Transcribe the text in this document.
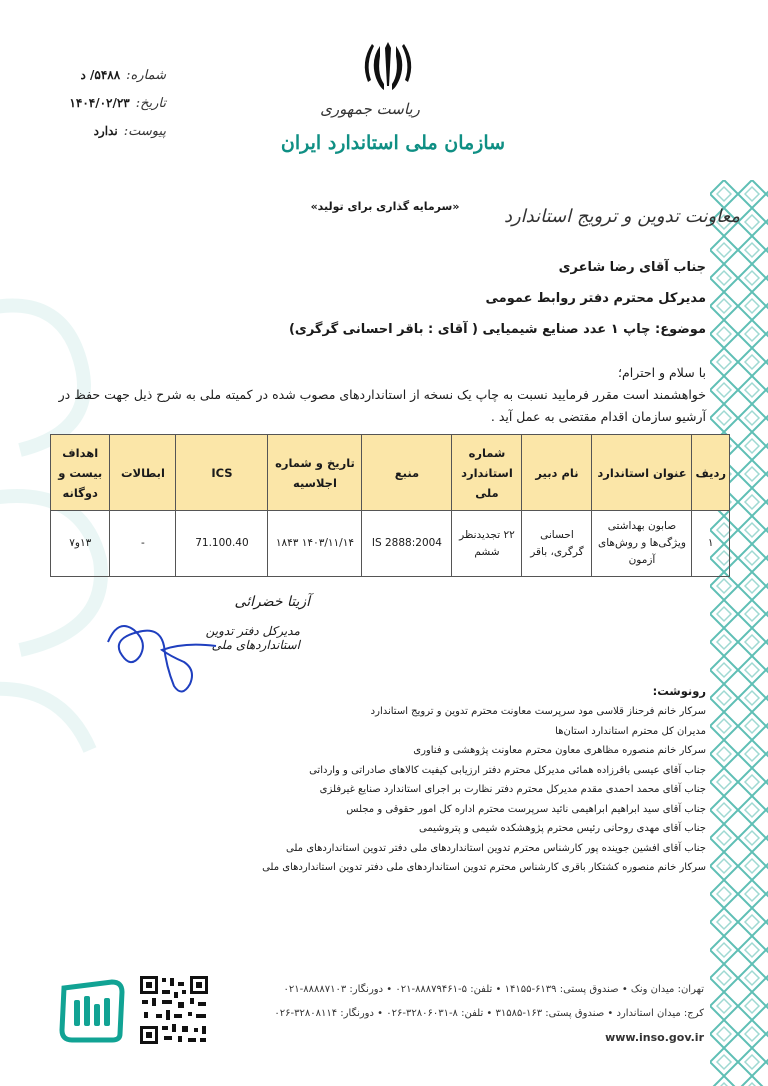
شماره:
۵۴۸۸/ د
تاریخ:
۱۴۰۴/۰۲/۲۳
پیوست:
ندارد
ریاست جمهوری
سازمان ملی استاندارد ایران
«سرمایه گذاری برای تولید» معاونت تدوین و ترویج استاندارد
جناب آقای رضا شاعری
مدیرکل محترم دفتر روابط عمومی
موضوع: چاپ ۱ عدد صنایع شیمیایی ( آقای : باقر احسانی گرگری)
با سلام و احترام؛
خواهشمند است مقرر فرمایید نسبت به چاپ یک نسخه از استانداردهای مصوب شده در کمیته ملی به شرح ذیل جهت حفظ در آرشیو سازمان اقدام مقتضی به عمل آید .
ردیف	عنوان استاندارد	نام دبیر	شماره استاندارد ملی	منبع	تاریخ و شماره اجلاسیه	ICS	ابطالات	اهداف بیست و دوگانه
۱	صابون بهداشتی ویژگی‌ها و روش‌های آزمون	احسانی گرگری، باقر	۲۲ تجدیدنظر ششم	IS 2888:2004	۱۴۰۳/۱۱/۱۴ ۱۸۴۳	71.100.40	-	۱۳و۷
آزیتا خضرائی
مدیرکل دفتر تدوین استانداردهای ملی
رونوشت:
سرکار خانم فرحناز قلاسی مود سرپرست معاونت محترم تدوین و ترویج استاندارد
مدیران کل محترم استاندارد استان‌ها
سرکار خانم منصوره مظاهری معاون محترم معاونت پژوهشی و فناوری
جناب آقای عیسی باقرزاده همائی مدیرکل محترم دفتر ارزیابی کیفیت کالاهای صادراتی و وارداتی
جناب آقای محمد احمدی مقدم مدیرکل محترم دفتر نظارت بر اجرای استاندارد صنایع غیرفلزی
جناب آقای سید ابراهیم ابراهیمی نائید سرپرست محترم اداره کل امور حقوقی و مجلس
جناب آقای مهدی روحانی رئیس محترم پژوهشکده شیمی و پتروشیمی
جناب آقای افشین جوینده پور کارشناس محترم تدوین استانداردهای ملی دفتر تدوین استانداردهای ملی
سرکار خانم منصوره کشتکار باقری کارشناس محترم تدوین استانداردهای ملی دفتر تدوین استانداردهای ملی
تهران: میدان ونک • صندوق پستی: ۶۱۳۹-۱۴۱۵۵ • تلفن: ۵-۸۸۸۷۹۴۶۱-۰۲۱ • دورنگار: ۸۸۸۸۷۱۰۳-۰۲۱
کرج: میدان استاندارد • صندوق پستی: ۱۶۳-۳۱۵۸۵ • تلفن: ۸-۳۲۸۰۶۰۳۱-۰۲۶ • دورنگار: ۳۲۸۰۸۱۱۴-۰۲۶
www.inso.gov.ir
